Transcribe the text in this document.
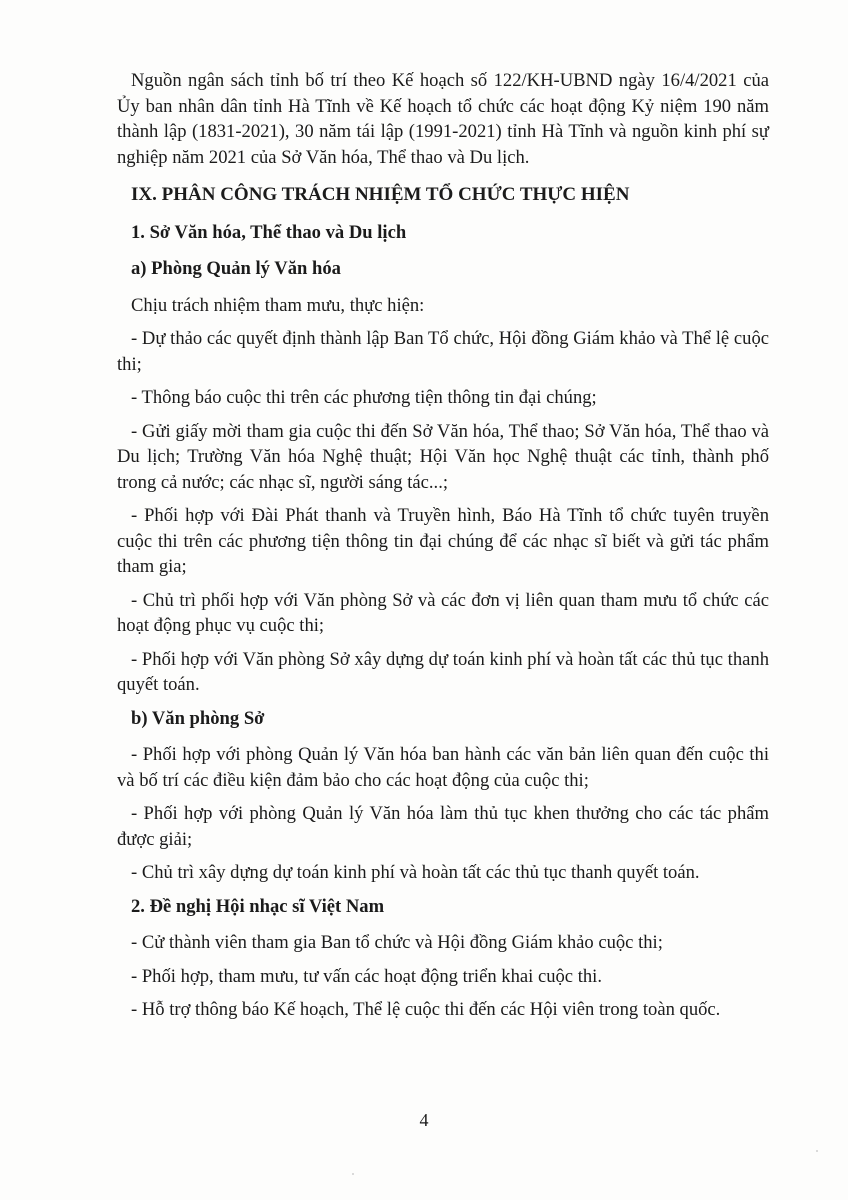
Nguồn ngân sách tỉnh bố trí theo Kế hoạch số 122/KH-UBND ngày 16/4/2021 của Ủy ban nhân dân tỉnh Hà Tĩnh về Kế hoạch tổ chức các hoạt động Kỷ niệm 190 năm thành lập (1831-2021), 30 năm tái lập (1991-2021) tỉnh Hà Tĩnh và nguồn kinh phí sự nghiệp năm 2021 của Sở Văn hóa, Thể thao và Du lịch.

IX. PHÂN CÔNG TRÁCH NHIỆM TỔ CHỨC THỰC HIỆN

1. Sở Văn hóa, Thể thao và Du lịch

a) Phòng Quản lý Văn hóa

Chịu trách nhiệm tham mưu, thực hiện:

- Dự thảo các quyết định thành lập Ban Tổ chức, Hội đồng Giám khảo và Thể lệ cuộc thi;

- Thông báo cuộc thi trên các phương tiện thông tin đại chúng;

- Gửi giấy mời tham gia cuộc thi đến Sở Văn hóa, Thể thao; Sở Văn hóa, Thể thao và Du lịch; Trường Văn hóa Nghệ thuật; Hội Văn học Nghệ thuật các tỉnh, thành phố trong cả nước; các nhạc sĩ, người sáng tác...;

- Phối hợp với Đài Phát thanh và Truyền hình, Báo Hà Tĩnh tổ chức tuyên truyền cuộc thi trên các phương tiện thông tin đại chúng để các nhạc sĩ biết và gửi tác phẩm tham gia;

- Chủ trì phối hợp với Văn phòng Sở và các đơn vị liên quan tham mưu tổ chức các hoạt động phục vụ cuộc thi;

- Phối hợp với Văn phòng Sở xây dựng dự toán kinh phí và hoàn tất các thủ tục thanh quyết toán.

b) Văn phòng Sở

- Phối hợp với phòng Quản lý Văn hóa ban hành các văn bản liên quan đến cuộc thi và bố trí các điều kiện đảm bảo cho các hoạt động của cuộc thi;

- Phối hợp với phòng Quản lý Văn hóa làm thủ tục khen thưởng cho các tác phẩm được giải;

- Chủ trì xây dựng dự toán kinh phí và hoàn tất các thủ tục thanh quyết toán.

2. Đề nghị Hội nhạc sĩ Việt Nam

- Cử thành viên tham gia Ban tổ chức và Hội đồng Giám khảo cuộc thi;

- Phối hợp, tham mưu, tư vấn các hoạt động triển khai cuộc thi.

- Hỗ trợ thông báo Kế hoạch, Thể lệ cuộc thi đến các Hội viên trong toàn quốc.

4
